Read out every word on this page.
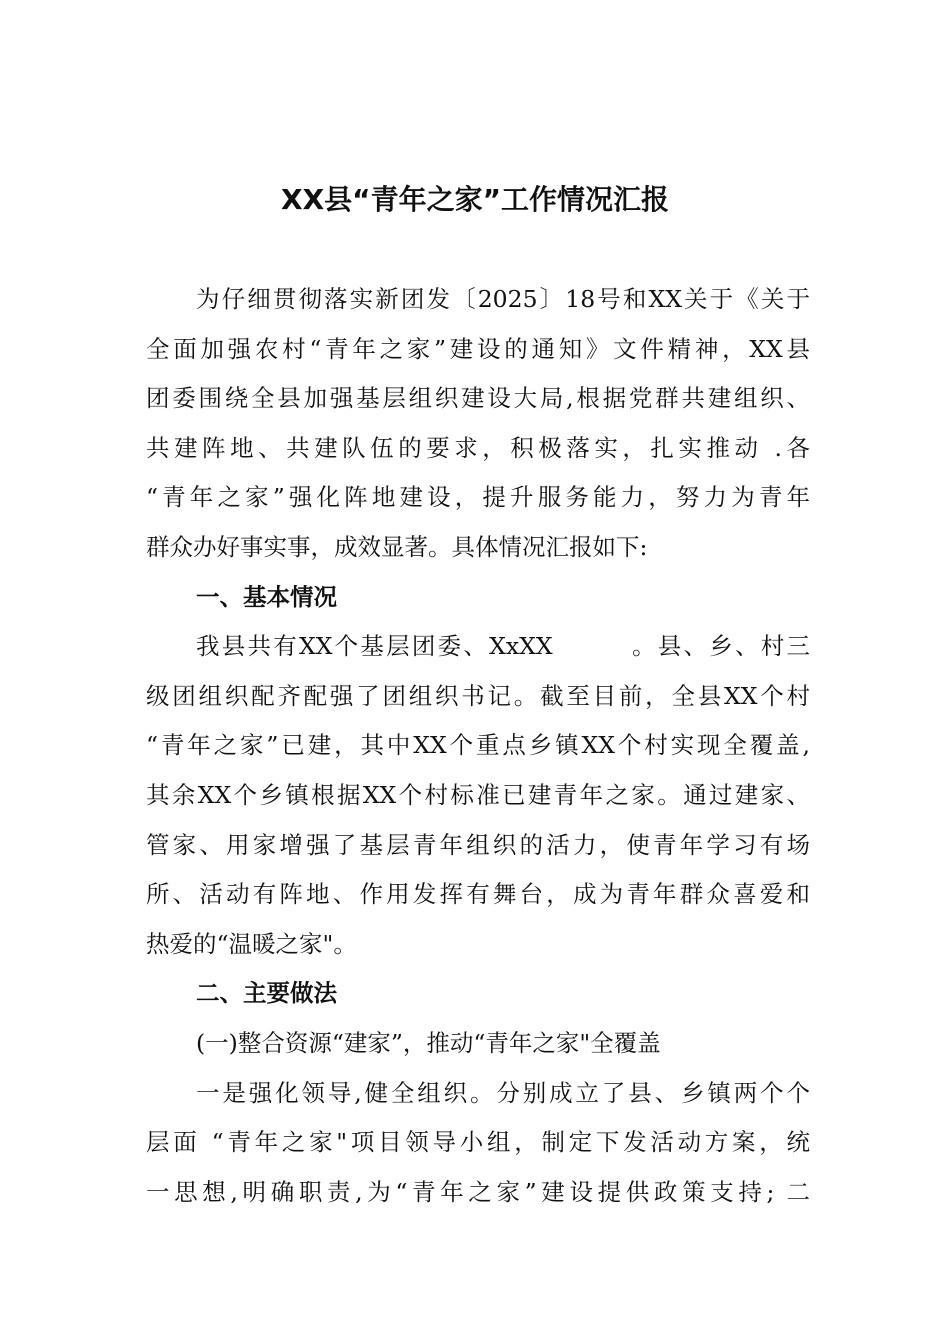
XX县“青年之家”工作情况汇报
为仔细贯彻落实新团发〔2025〕18号和XX关于《关于
全面加强农村“青年之家”建设的通知》文件精神，XX县
团委围绕全县加强基层组织建设大局,根据党群共建组织、
共建阵地、共建队伍的要求，积极落实，扎实推动 .各
“青年之家”强化阵地建设，提升服务能力，努力为青年
群众办好事实事，成效显著。具体情况汇报如下:
一、基本情况
我县共有XX个基层团委、XxXX　　　。县、乡、村三
级团组织配齐配强了团组织书记。截至目前，全县XX个村
“青年之家”已建，其中XX个重点乡镇XX个村实现全覆盖,
其余XX个乡镇根据XX个村标准已建青年之家。通过建家、
管家、用家增强了基层青年组织的活力，使青年学习有场
所、活动有阵地、作用发挥有舞台，成为青年群众喜爱和
热爱的“温暖之家"。
二、主要做法
(一)整合资源“建家”，推动“青年之家"全覆盖
一是强化领导,健全组织。分别成立了县、乡镇两个个
层面 “青年之家"项目领导小组，制定下发活动方案，统
一思想,明确职责,为“青年之家”建设提供政策支持; 二
